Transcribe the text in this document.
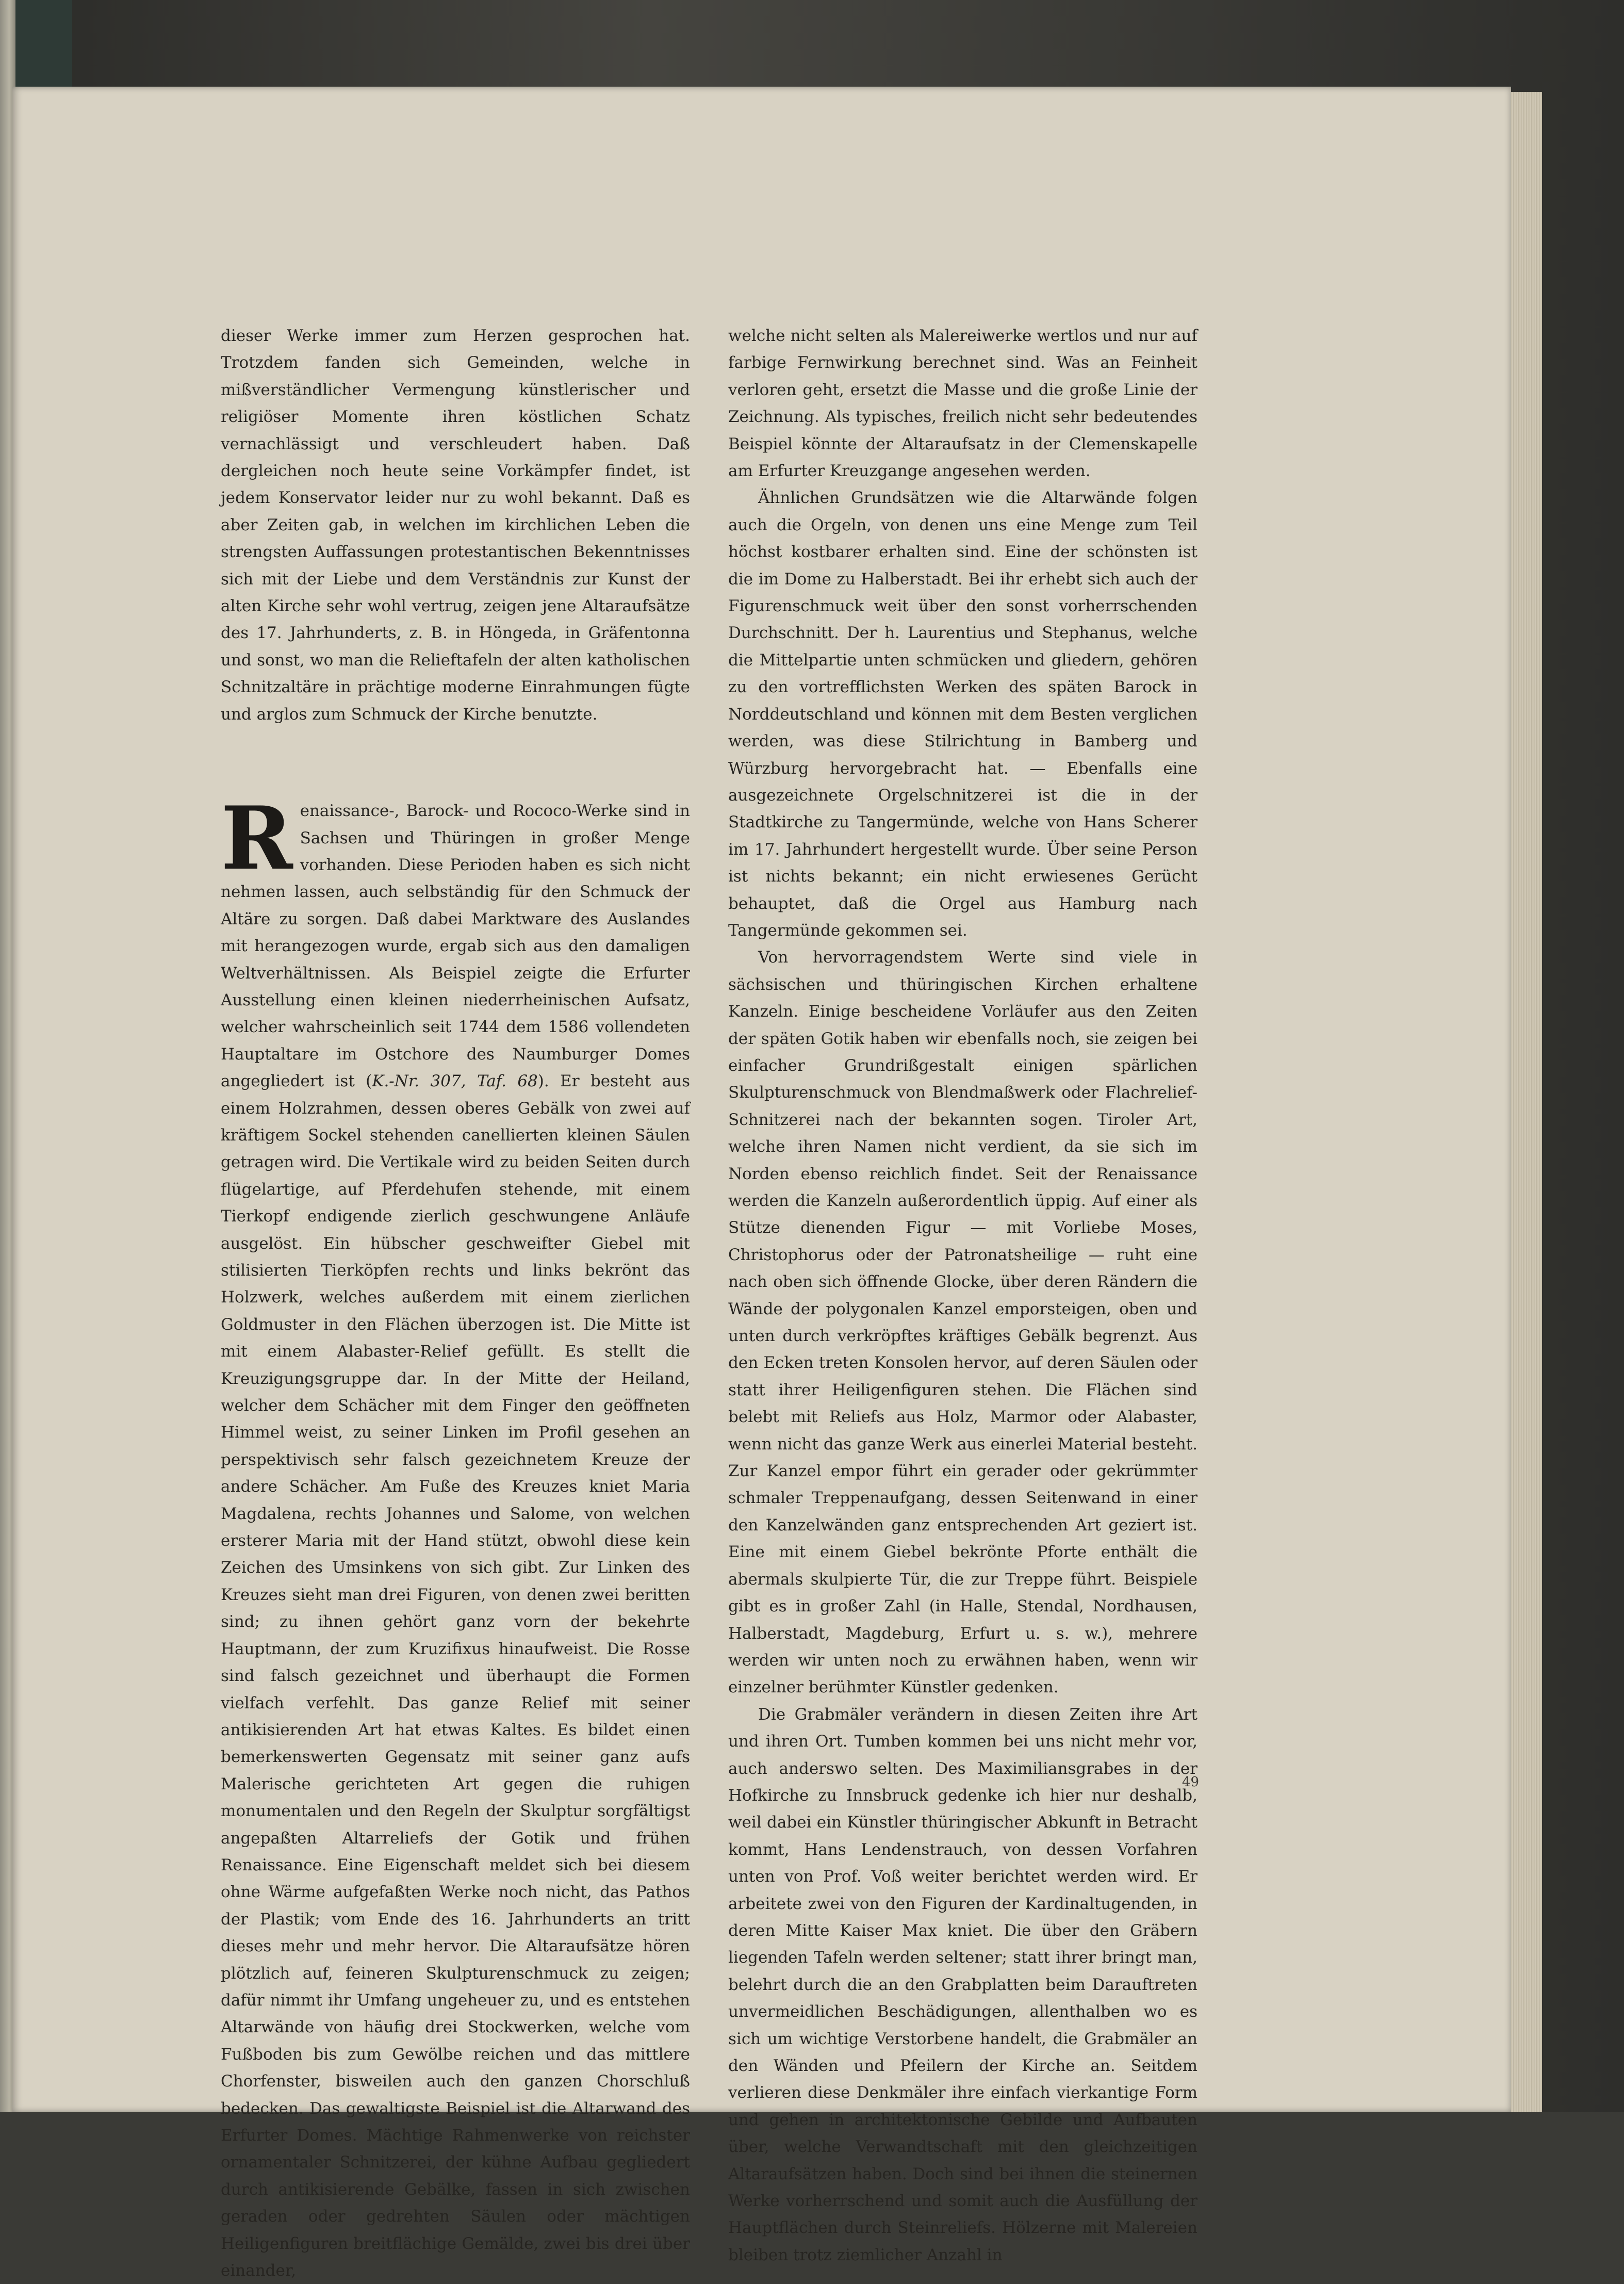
dieser Werke immer zum Herzen gesprochen hat. Trotzdem fanden sich Gemeinden, welche in mißverständlicher Vermengung künstlerischer und religiöser Momente ihren köstlichen Schatz vernachlässigt und verschleudert haben. Daß dergleichen noch heute seine Vorkämpfer findet, ist jedem Konservator leider nur zu wohl bekannt. Daß es aber Zeiten gab, in welchen im kirchlichen Leben die strengsten Auffassungen protestantischen Bekenntnisses sich mit der Liebe und dem Verständnis zur Kunst der alten Kirche sehr wohl vertrug, zeigen jene Altaraufsätze des 17. Jahrhunderts, z. B. in Höngeda, in Gräfentonna und sonst, wo man die Relieftafeln der alten katholischen Schnitzaltäre in prächtige moderne Einrahmungen fügte und arglos zum Schmuck der Kirche benutzte.

Renaissance-, Barock- und Rococo-Werke sind in Sachsen und Thüringen in großer Menge vorhanden. Diese Perioden haben es sich nicht nehmen lassen, auch selbständig für den Schmuck der Altäre zu sorgen. Daß dabei Marktware des Auslandes mit herangezogen wurde, ergab sich aus den damaligen Weltverhältnissen. Als Beispiel zeigte die Erfurter Ausstellung einen kleinen niederrheinischen Aufsatz, welcher wahrscheinlich seit 1744 dem 1586 vollendeten Hauptaltare im Ostchore des Naumburger Domes angegliedert ist (K.-Nr. 307, Taf. 68). Er besteht aus einem Holzrahmen, dessen oberes Gebälk von zwei auf kräftigem Sockel stehenden canellierten kleinen Säulen getragen wird. Die Vertikale wird zu beiden Seiten durch flügelartige, auf Pferdehufen stehende, mit einem Tierkopf endigende zierlich geschwungene Anläufe ausgelöst. Ein hübscher geschweifter Giebel mit stilisierten Tierköpfen rechts und links bekrönt das Holzwerk, welches außerdem mit einem zierlichen Goldmuster in den Flächen überzogen ist. Die Mitte ist mit einem Alabaster-Relief gefüllt. Es stellt die Kreuzigungsgruppe dar. In der Mitte der Heiland, welcher dem Schächer mit dem Finger den geöffneten Himmel weist, zu seiner Linken im Profil gesehen an perspektivisch sehr falsch gezeichnetem Kreuze der andere Schächer. Am Fuße des Kreuzes kniet Maria Magdalena, rechts Johannes und Salome, von welchen ersterer Maria mit der Hand stützt, obwohl diese kein Zeichen des Umsinkens von sich gibt. Zur Linken des Kreuzes sieht man drei Figuren, von denen zwei beritten sind; zu ihnen gehört ganz vorn der bekehrte Hauptmann, der zum Kruzifixus hinaufweist. Die Rosse sind falsch gezeichnet und überhaupt die Formen vielfach verfehlt. Das ganze Relief mit seiner antikisierenden Art hat etwas Kaltes. Es bildet einen bemerkenswerten Gegensatz mit seiner ganz aufs Malerische gerichteten Art gegen die ruhigen monumentalen und den Regeln der Skulptur sorgfältigst angepaßten Altarreliefs der Gotik und frühen Renaissance. Eine Eigenschaft meldet sich bei diesem ohne Wärme aufgefaßten Werke noch nicht, das Pathos der Plastik; vom Ende des 16. Jahrhunderts an tritt dieses mehr und mehr hervor. Die Altaraufsätze hören plötzlich auf, feineren Skulpturenschmuck zu zeigen; dafür nimmt ihr Umfang ungeheuer zu, und es entstehen Altarwände von häufig drei Stockwerken, welche vom Fußboden bis zum Gewölbe reichen und das mittlere Chorfenster, bisweilen auch den ganzen Chorschluß bedecken. Das gewaltigste Beispiel ist die Altarwand des Erfurter Domes. Mächtige Rahmenwerke von reichster ornamentaler Schnitzerei, der kühne Aufbau gegliedert durch antikisierende Gebälke, fassen in sich zwischen geraden oder gedrehten Säulen oder mächtigen Heiligenfiguren breitflächige Gemälde, zwei bis drei über einander,

welche nicht selten als Malereiwerke wertlos und nur auf farbige Fernwirkung berechnet sind. Was an Feinheit verloren geht, ersetzt die Masse und die große Linie der Zeichnung. Als typisches, freilich nicht sehr bedeutendes Beispiel könnte der Altaraufsatz in der Clemenskapelle am Erfurter Kreuzgange angesehen werden.

Ähnlichen Grundsätzen wie die Altarwände folgen auch die Orgeln, von denen uns eine Menge zum Teil höchst kostbarer erhalten sind. Eine der schönsten ist die im Dome zu Halberstadt. Bei ihr erhebt sich auch der Figurenschmuck weit über den sonst vorherrschenden Durchschnitt. Der h. Laurentius und Stephanus, welche die Mittelpartie unten schmücken und gliedern, gehören zu den vortrefflichsten Werken des späten Barock in Norddeutschland und können mit dem Besten verglichen werden, was diese Stilrichtung in Bamberg und Würzburg hervorgebracht hat. — Ebenfalls eine ausgezeichnete Orgelschnitzerei ist die in der Stadtkirche zu Tangermünde, welche von Hans Scherer im 17. Jahrhundert hergestellt wurde. Über seine Person ist nichts bekannt; ein nicht erwiesenes Gerücht behauptet, daß die Orgel aus Hamburg nach Tangermünde gekommen sei.

Von hervorragendstem Werte sind viele in sächsischen und thüringischen Kirchen erhaltene Kanzeln. Einige bescheidene Vorläufer aus den Zeiten der späten Gotik haben wir ebenfalls noch, sie zeigen bei einfacher Grundrißgestalt einigen spärlichen Skulpturenschmuck von Blendmaßwerk oder Flachrelief-Schnitzerei nach der bekannten sogen. Tiroler Art, welche ihren Namen nicht verdient, da sie sich im Norden ebenso reichlich findet. Seit der Renaissance werden die Kanzeln außerordentlich üppig. Auf einer als Stütze dienenden Figur — mit Vorliebe Moses, Christophorus oder der Patronatsheilige — ruht eine nach oben sich öffnende Glocke, über deren Rändern die Wände der polygonalen Kanzel emporsteigen, oben und unten durch verkröpftes kräftiges Gebälk begrenzt. Aus den Ecken treten Konsolen hervor, auf deren Säulen oder statt ihrer Heiligenfiguren stehen. Die Flächen sind belebt mit Reliefs aus Holz, Marmor oder Alabaster, wenn nicht das ganze Werk aus einerlei Material besteht. Zur Kanzel empor führt ein gerader oder gekrümmter schmaler Treppenaufgang, dessen Seitenwand in einer den Kanzelwänden ganz entsprechenden Art geziert ist. Eine mit einem Giebel bekrönte Pforte enthält die abermals skulpierte Tür, die zur Treppe führt. Beispiele gibt es in großer Zahl (in Halle, Stendal, Nordhausen, Halberstadt, Magdeburg, Erfurt u. s. w.), mehrere werden wir unten noch zu erwähnen haben, wenn wir einzelner berühmter Künstler gedenken.

Die Grabmäler verändern in diesen Zeiten ihre Art und ihren Ort. Tumben kommen bei uns nicht mehr vor, auch anderswo selten. Des Maximiliansgrabes in der Hofkirche zu Innsbruck gedenke ich hier nur deshalb, weil dabei ein Künstler thüringischer Abkunft in Betracht kommt, Hans Lendenstrauch, von dessen Vorfahren unten von Prof. Voß weiter berichtet werden wird. Er arbeitete zwei von den Figuren der Kardinaltugenden, in deren Mitte Kaiser Max kniet. Die über den Gräbern liegenden Tafeln werden seltener; statt ihrer bringt man, belehrt durch die an den Grabplatten beim Darauftreten unvermeidlichen Beschädigungen, allenthalben wo es sich um wichtige Verstorbene handelt, die Grabmäler an den Wänden und Pfeilern der Kirche an. Seitdem verlieren diese Denkmäler ihre einfach vierkantige Form und gehen in architektonische Gebilde und Aufbauten über, welche Verwandtschaft mit den gleichzeitigen Altaraufsätzen haben. Doch sind bei ihnen die steinernen Werke vorherrschend und somit auch die Ausfüllung der Hauptflächen durch Steinreliefs. Hölzerne mit Malereien bleiben trotz ziemlicher Anzahl in

49
